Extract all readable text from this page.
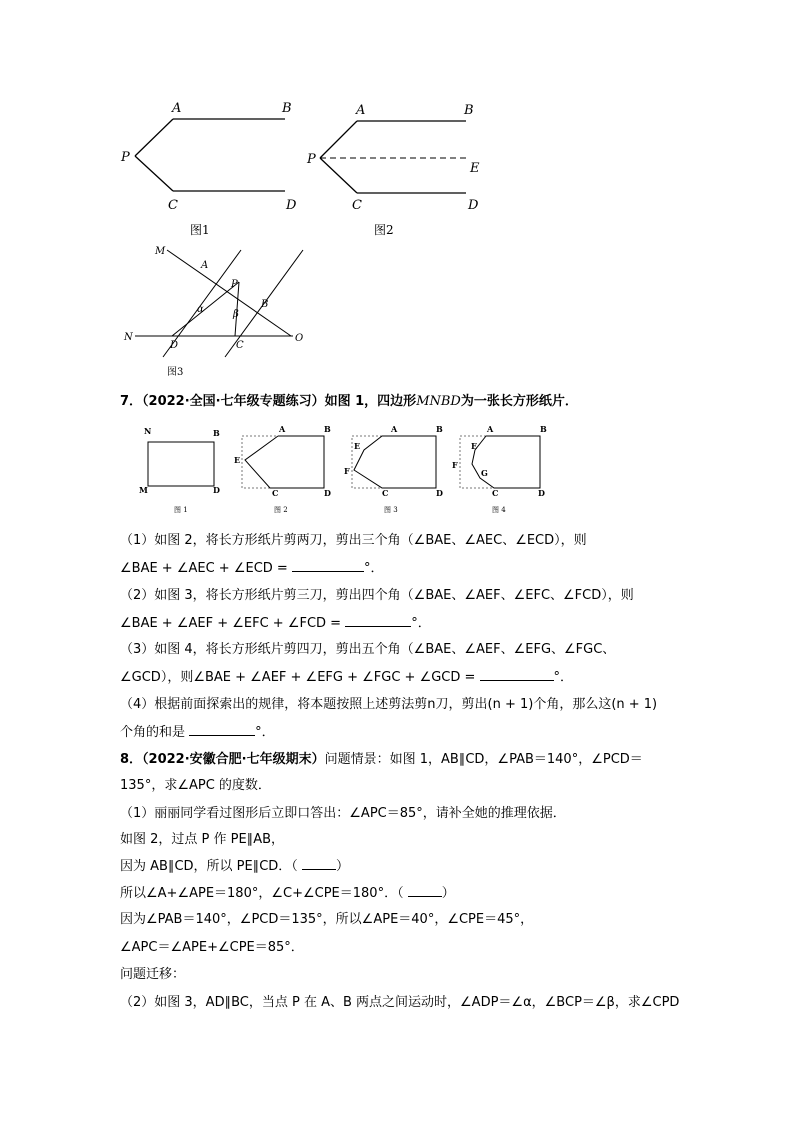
A	B
P
C	D
图1
A	B
P
E
C	D
图2
M
A
P
B
α	β
N
D	C
O
图3
7．（2022·全国·七年级专题练习）如图 1，四边形MNBD为一张长方形纸片．
N	B
M	D
A	B
E
C	D
E
A	B
F
C	D
E
A	B
F
G
C	D
图 1	图 2	图 3	图 4
（1）如图 2，将长方形纸片剪两刀，剪出三个角（∠BAE、∠AEC、∠ECD），则
∠BAE + ∠AEC + ∠ECD =	°．
（2）如图 3，将长方形纸片剪三刀，剪出四个角（∠BAE、∠AEF、∠EFC、∠FCD），则
∠BAE + ∠AEF + ∠EFC + ∠FCD =	°．
（3）如图 4，将长方形纸片剪四刀，剪出五个角（∠BAE、∠AEF、∠EFG、∠FGC、
∠GCD），则∠BAE + ∠AEF + ∠EFG + ∠FGC + ∠GCD =	°．
（4）根据前面探索出的规律，将本题按照上述剪法剪n刀，剪出(n + 1)个角，那么这(n + 1)
个角的和是	°．
8．（2022·安徽合肥·七年级期末）问题情景：如图 1，AB∥CD，∠PAB＝140°，∠PCD＝
135°，求∠APC 的度数．
（1）丽丽同学看过图形后立即口答出：∠APC＝85°，请补全她的推理依据．
如图 2，过点 P 作 PE∥AB，
因为 AB∥CD，所以 PE∥CD．（	）
所以∠A+∠APE＝180°，∠C+∠CPE＝180°．（	）
因为∠PAB＝140°，∠PCD＝135°，所以∠APE＝40°，∠CPE＝45°，
∠APC＝∠APE+∠CPE＝85°．
问题迁移：
（2）如图 3，AD∥BC，当点 P 在 A、B 两点之间运动时，∠ADP＝∠α，∠BCP＝∠β，求∠CPD
